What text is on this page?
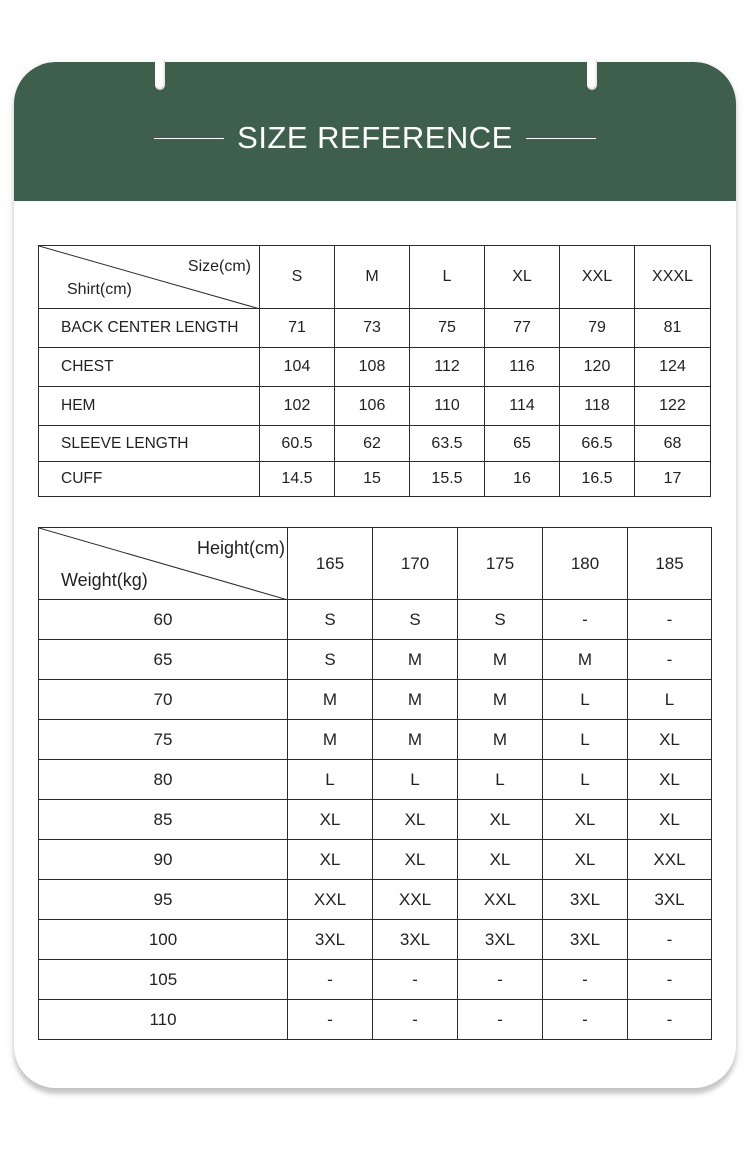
SIZE REFERENCE
Size(cm)
Shirt(cm)	S	M	L	XL	XXL	XXXL
BACK CENTER LENGTH	71	73	75	77	79	81
CHEST	104	108	112	116	120	124
HEM	102	106	110	114	118	122
SLEEVE LENGTH	60.5	62	63.5	65	66.5	68
CUFF	14.5	15	15.5	16	16.5	17
Height(cm)
Weight(kg)	165	170	175	180	185
60	S	S	S	-	-
65	S	M	M	M	-
70	M	M	M	L	L
75	M	M	M	L	XL
80	L	L	L	L	XL
85	XL	XL	XL	XL	XL
90	XL	XL	XL	XL	XXL
95	XXL	XXL	XXL	3XL	3XL
100	3XL	3XL	3XL	3XL	-
105	-	-	-	-	-
110	-	-	-	-	-
